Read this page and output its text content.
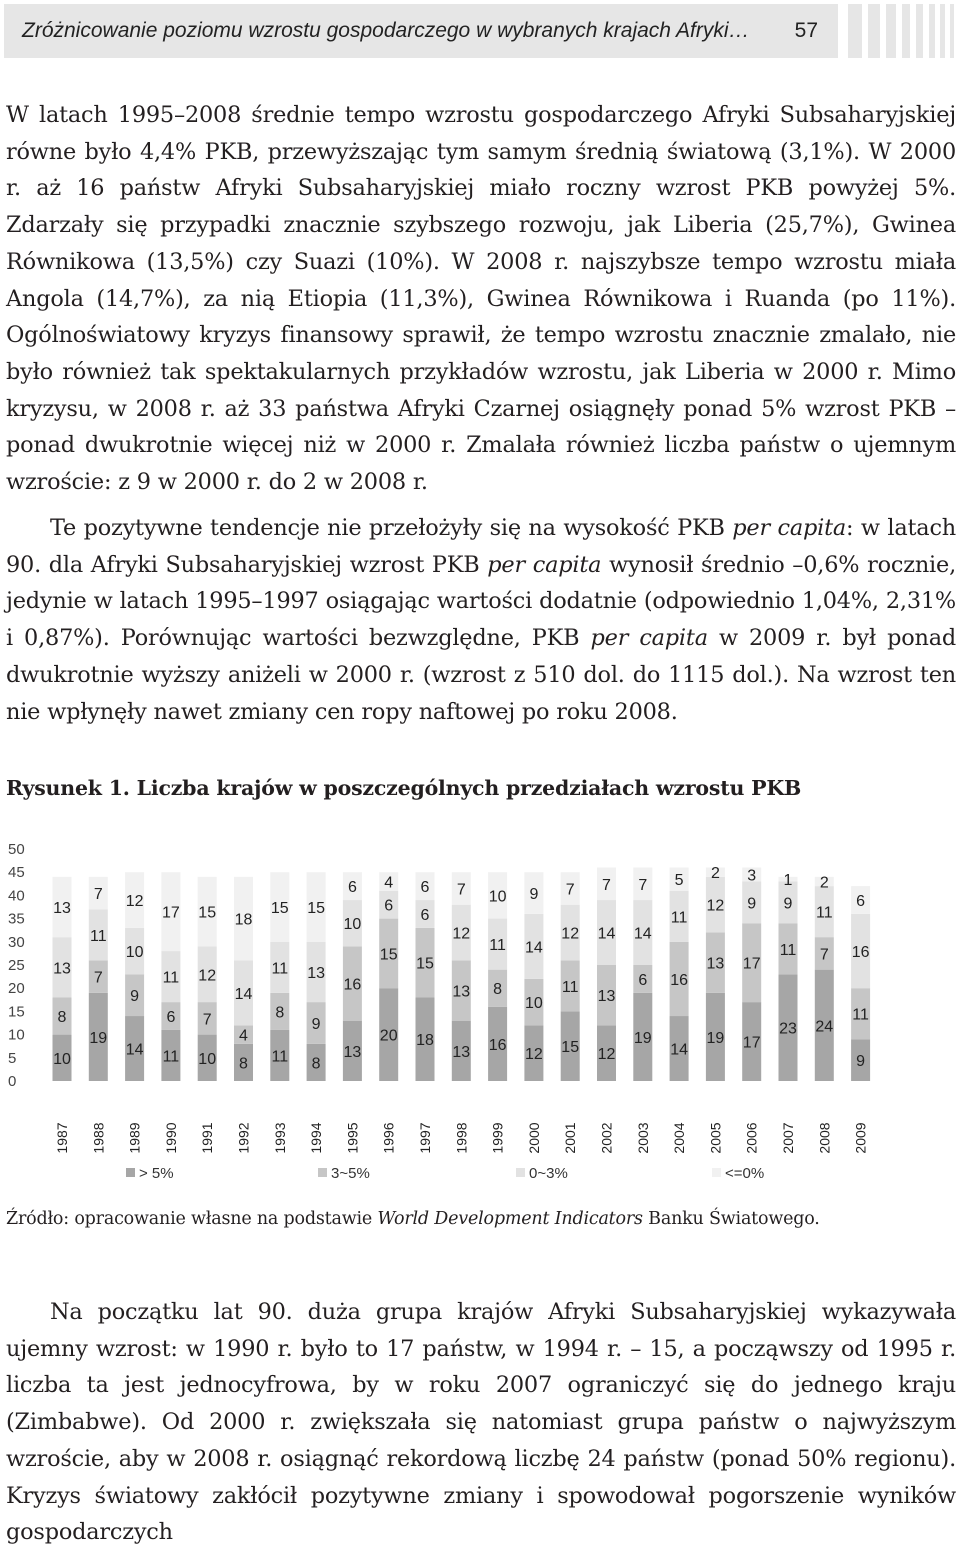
Zróżnicowanie poziomu wzrostu gospodarczego w wybranych krajach Afryki…	57

W latach 1995–2008 średnie tempo wzrostu gospodarczego Afryki Subsaharyjskiej równe było 4,4% PKB, przewyższając tym samym średnią światową (3,1%). W 2000 r. aż 16 państw Afryki Subsaharyjskiej miało roczny wzrost PKB powyżej 5%. Zdarzały się przypadki znacznie szybszego rozwoju, jak Liberia (25,7%), Gwinea Równikowa (13,5%) czy Suazi (10%). W 2008 r. najszybsze tempo wzrostu miała Angola (14,7%), za nią Etiopia (11,3%), Gwinea Równikowa i Ruanda (po 11%). Ogólnoświatowy kryzys finansowy sprawił, że tempo wzrostu znacznie zmalało, nie było również tak spektakularnych przykładów wzrostu, jak Liberia w 2000 r. Mimo kryzysu, w 2008 r. aż 33 państwa Afryki Czarnej osiągnęły ponad 5% wzrost PKB – ponad dwukrotnie więcej niż w 2000 r. Zmalała również liczba państw o ujemnym wzroście: z 9 w 2000 r. do 2 w 2008 r.

Te pozytywne tendencje nie przełożyły się na wysokość PKB per capita: w latach 90. dla Afryki Subsaharyjskiej wzrost PKB per capita wynosił średnio –0,6% rocznie, jedynie w latach 1995–1997 osiągając wartości dodatnie (odpowiednio 1,04%, 2,31% i 0,87%). Porównując wartości bezwzględne, PKB per capita w 2009 r. był ponad dwukrotnie wyższy aniżeli w 2000 r. (wzrost z 510 dol. do 1115 dol.). Na wzrost ten nie wpłynęły nawet zmiany cen ropy naftowej po roku 2008.

Rysunek 1. Liczba krajów w poszczególnych przedziałach wzrostu PKB

0
5
10
15
20
25
30
35
40
45
50
10
8
13
13
1987
19
7
11
7
1988
14
9
10
12
1989
11
6
11
17
1990
10
7
12
15
1991
8
4
14
18
1992
11
8
11
15
1993
8
9
13
15
1994
13
16
10
6
1995
20
15
6
4
1996
18
15
6
6
1997
13
13
12
7
1998
16
8
11
10
1999
12
10
14
9
2000
15
11
12
7
2001
12
13
14
7
2002
19
6
14
7
2003
14
16
11
5
2004
19
13
12
2
2005
17
17
9
3
2006
23
11
9
1
2007
24
7
11
2
2008
9
11
16
6
2009
> 5%	3~5%	0~3%	<=0%

Źródło: opracowanie własne na podstawie World Development Indicators Banku Światowego.

Na początku lat 90. duża grupa krajów Afryki Subsaharyjskiej wykazywała ujemny wzrost: w 1990 r. było to 17 państw, w 1994 r. – 15, a począwszy od 1995 r. liczba ta jest jednocyfrowa, by w roku 2007 ograniczyć się do jednego kraju (Zimbabwe). Od 2000 r. zwiększała się natomiast grupa państw o najwyższym wzroście, aby w 2008 r. osiągnąć rekordową liczbę 24 państw (ponad 50% regionu). Kryzys światowy zakłócił pozytywne zmiany i spowodował pogorszenie wyników gospodarczych
